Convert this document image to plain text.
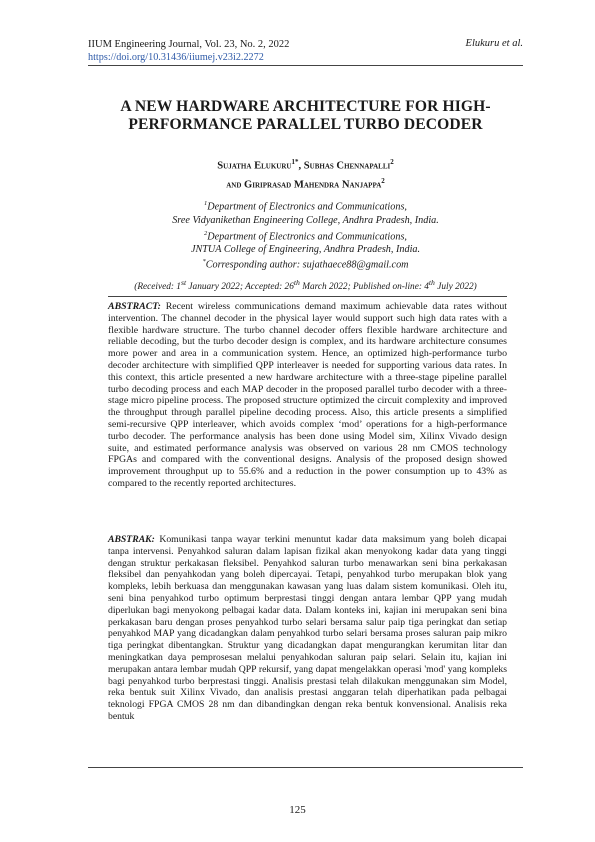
IIUM Engineering Journal, Vol. 23, No. 2, 2022
https://doi.org/10.31436/iiumej.v23i2.2272
Elukuru et al.
A NEW HARDWARE ARCHITECTURE FOR HIGH-
PERFORMANCE PARALLEL TURBO DECODER
Sujatha Elukuru$^{1*}$, Subhas Chennapalli$^2$
and Giriprasad Mahendra Nanjappa$^2$
$^1$Department of Electronics and Communications,
Sree Vidyanikethan Engineering College, Andhra Pradesh, India.
$^2$Department of Electronics and Communications,
JNTUA College of Engineering, Andhra Pradesh, India.
*Corresponding author: sujathaece88@gmail.com
(Received: 1st January 2022; Accepted: 26th March 2022; Published on-line: 4th July 2022)
ABSTRACT: Recent wireless communications demand maximum achievable data rates without intervention. The channel decoder in the physical layer would support such high data rates with a flexible hardware structure. The turbo channel decoder offers flexible hardware architecture and reliable decoding, but the turbo decoder design is complex, and its hardware architecture consumes more power and area in a communication system. Hence, an optimized high-performance turbo decoder architecture with simplified QPP interleaver is needed for supporting various data rates. In this context, this article presented a new hardware architecture with a three-stage pipeline parallel turbo decoding process and each MAP decoder in the proposed parallel turbo decoder with a three-stage micro pipeline process. The proposed structure optimized the circuit complexity and improved the throughput through parallel pipeline decoding process. Also, this article presents a simplified semi-recursive QPP interleaver, which avoids complex ‘mod’ operations for a high-performance turbo decoder. The performance analysis has been done using Model sim, Xilinx Vivado design suite, and estimated performance analysis was observed on various 28 nm CMOS technology FPGAs and compared with the conventional designs. Analysis of the proposed design showed improvement throughput up to 55.6% and a reduction in the power consumption up to 43% as compared to the recently reported architectures.
ABSTRAK: Komunikasi tanpa wayar terkini menuntut kadar data maksimum yang boleh dicapai tanpa intervensi. Penyahkod saluran dalam lapisan fizikal akan menyokong kadar data yang tinggi dengan struktur perkakasan fleksibel. Penyahkod saluran turbo menawarkan seni bina perkakasan fleksibel dan penyahkodan yang boleh dipercayai. Tetapi, penyahkod turbo merupakan blok yang kompleks, lebih berkuasa dan menggunakan kawasan yang luas dalam sistem komunikasi. Oleh itu, seni bina penyahkod turbo optimum berprestasi tinggi dengan antara lembar QPP yang mudah diperlukan bagi menyokong pelbagai kadar data. Dalam konteks ini, kajian ini merupakan seni bina perkakasan baru dengan proses penyahkod turbo selari bersama salur paip tiga peringkat dan setiap penyahkod MAP yang dicadangkan dalam penyahkod turbo selari bersama proses saluran paip mikro tiga peringkat dibentangkan. Struktur yang dicadangkan dapat mengurangkan kerumitan litar dan meningkatkan daya pemprosesan melalui penyahkodan saluran paip selari. Selain itu, kajian ini merupakan antara lembar mudah QPP rekursif, yang dapat mengelakkan operasi 'mod' yang kompleks bagi penyahkod turbo berprestasi tinggi. Analisis prestasi telah dilakukan menggunakan sim Model, reka bentuk suit Xilinx Vivado, dan analisis prestasi anggaran telah diperhatikan pada pelbagai teknologi FPGA CMOS 28 nm dan dibandingkan dengan reka bentuk konvensional. Analisis reka bentuk
125
